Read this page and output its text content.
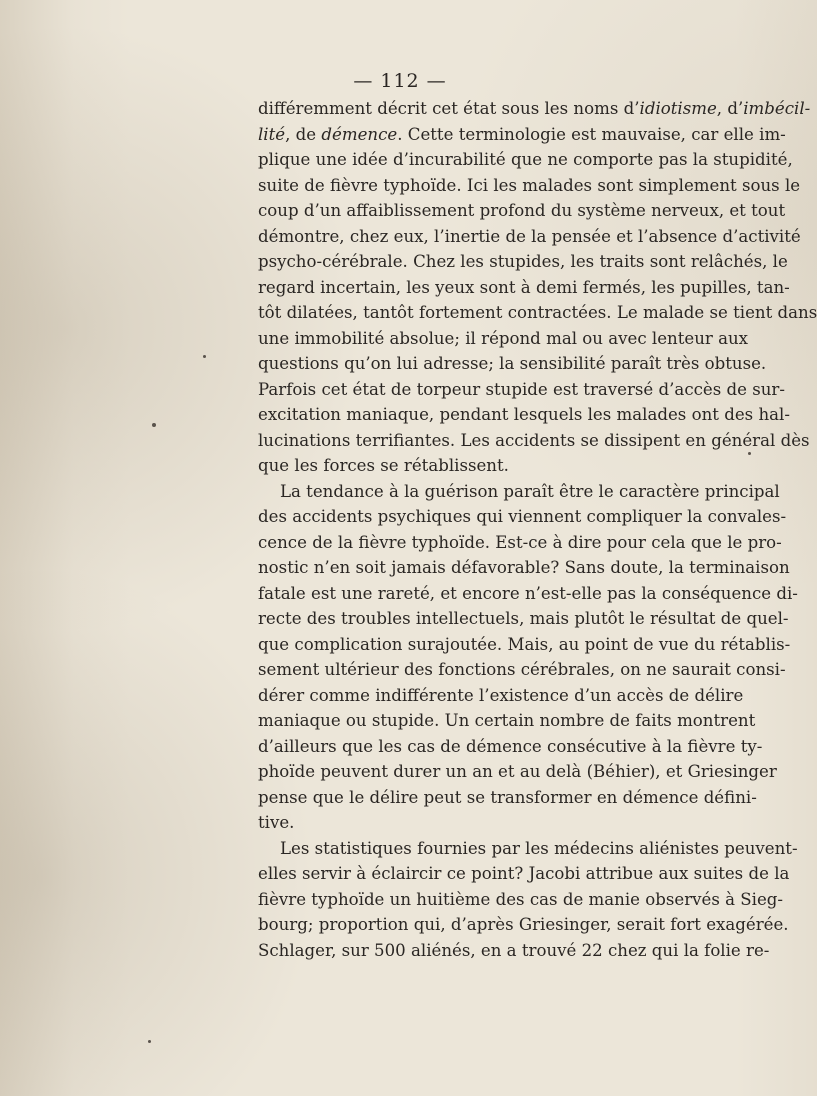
— 112 —
différemment décrit cet état sous les noms d’idiotisme, d’imbécil-
lité, de démence. Cette terminologie est mauvaise, car elle im-
plique une idée d’incurabilité que ne comporte pas la stupidité,
suite de fièvre typhoïde. Ici les malades sont simplement sous le
coup d’un affaiblissement profond du système nerveux, et tout
démontre, chez eux, l’inertie de la pensée et l’absence d’activité
psycho-cérébrale. Chez les stupides, les traits sont relâchés, le
regard incertain, les yeux sont à demi fermés, les pupilles, tan-
tôt dilatées, tantôt fortement contractées. Le malade se tient dans
une immobilité absolue; il répond mal ou avec lenteur aux
questions qu’on lui adresse; la sensibilité paraît très obtuse.
Parfois cet état de torpeur stupide est traversé d’accès de sur-
excitation maniaque, pendant lesquels les malades ont des hal-
lucinations terrifiantes. Les accidents se dissipent en général dès
que les forces se rétablissent.
La tendance à la guérison paraît être le caractère principal
des accidents psychiques qui viennent compliquer la convales-
cence de la fièvre typhoïde. Est-ce à dire pour cela que le pro-
nostic n’en soit jamais défavorable? Sans doute, la terminaison
fatale est une rareté, et encore n’est-elle pas la conséquence di-
recte des troubles intellectuels, mais plutôt le résultat de quel-
que complication surajoutée. Mais, au point de vue du rétablis-
sement ultérieur des fonctions cérébrales, on ne saurait consi-
dérer comme indifférente l’existence d’un accès de délire
maniaque ou stupide. Un certain nombre de faits montrent
d’ailleurs que les cas de démence consécutive à la fièvre ty-
phoïde peuvent durer un an et au delà (Béhier), et Griesinger
pense que le délire peut se transformer en démence défini-
tive.
Les statistiques fournies par les médecins aliénistes peuvent-
elles servir à éclaircir ce point? Jacobi attribue aux suites de la
fièvre typhoïde un huitième des cas de manie observés à Sieg-
bourg; proportion qui, d’après Griesinger, serait fort exagérée.
Schlager, sur 500 aliénés, en a trouvé 22 chez qui la folie re-
